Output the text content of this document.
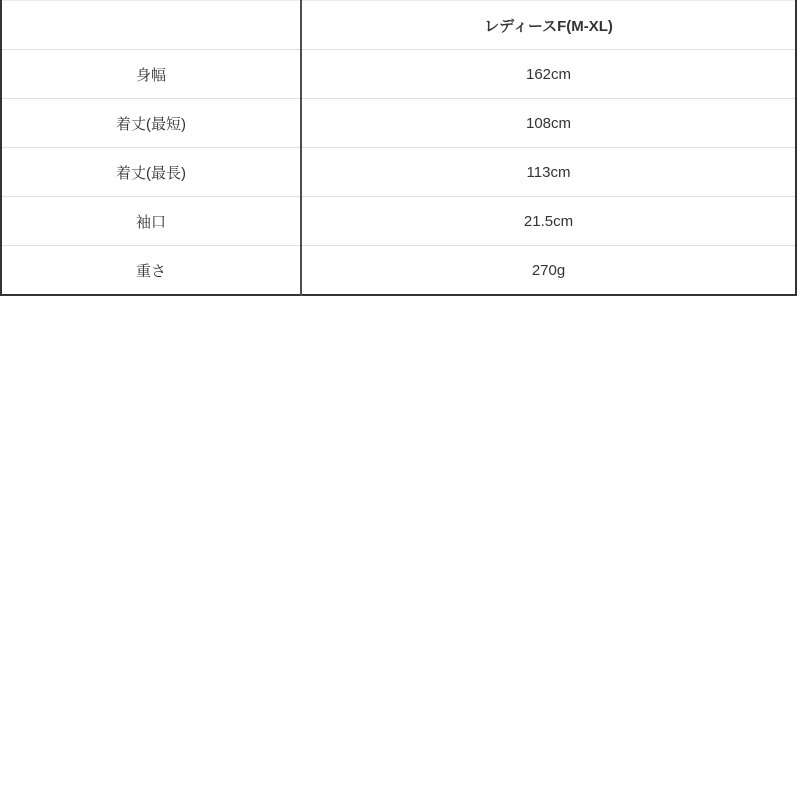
	レディースF(M-XL)
身幅	162cm
着丈(最短)	108cm
着丈(最長)	113cm
袖口	21.5cm
重さ	270g
